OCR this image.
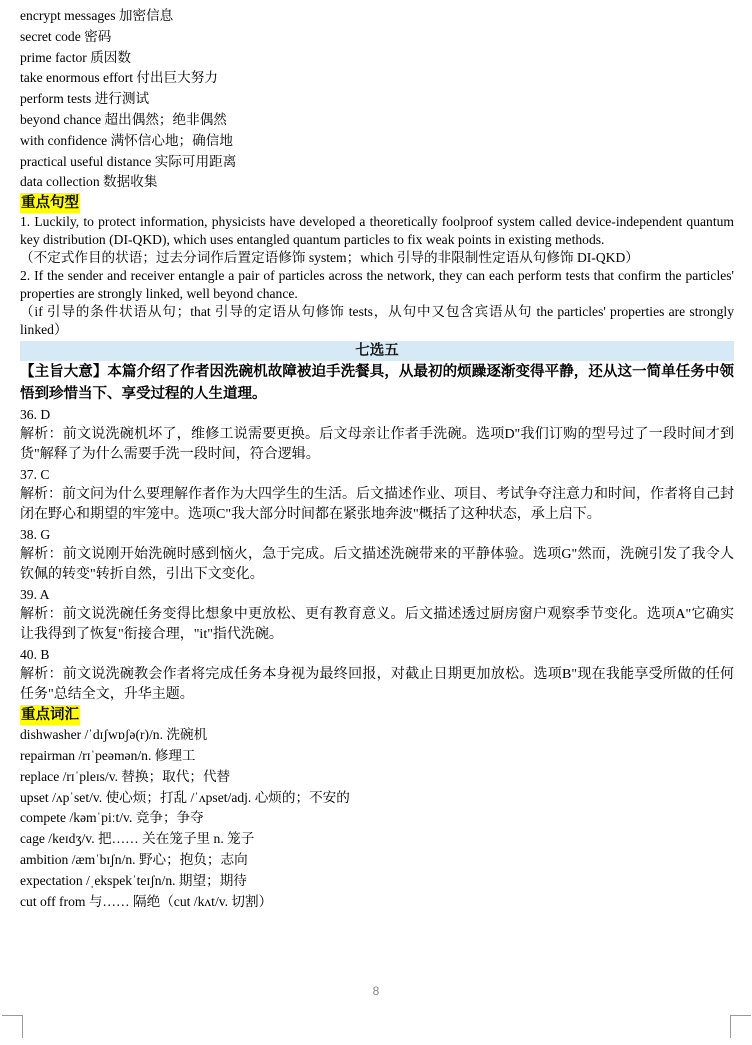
encrypt messages 加密信息
secret code 密码
prime factor 质因数
take enormous effort 付出巨大努力
perform tests 进行测试
beyond chance 超出偶然；绝非偶然
with confidence 满怀信心地；确信地
practical useful distance 实际可用距离
data collection 数据收集
重点句型
1. Luckily, to protect information, physicists have developed a theoretically foolproof system called device-independent quantum key distribution (DI-QKD), which uses entangled quantum particles to fix weak points in existing methods.
（不定式作目的状语；过去分词作后置定语修饰 system；which 引导的非限制性定语从句修饰 DI-QKD）
2. If the sender and receiver entangle a pair of particles across the network, they can each perform tests that confirm the particles' properties are strongly linked, well beyond chance.
（if 引导的条件状语从句；that 引导的定语从句修饰 tests，从句中又包含宾语从句 the particles' properties are strongly linked）
七选五
【主旨大意】本篇介绍了作者因洗碗机故障被迫手洗餐具，从最初的烦躁逐渐变得平静，还从这一简单任务中领悟到珍惜当下、享受过程的人生道理。
36. D
解析：前文说洗碗机坏了，维修工说需要更换。后文母亲让作者手洗碗。选项D"我们订购的型号过了一段时间才到货"解释了为什么需要手洗一段时间，符合逻辑。
37. C
解析：前文问为什么要理解作者作为大四学生的生活。后文描述作业、项目、考试争夺注意力和时间，作者将自己封闭在野心和期望的牢笼中。选项C"我大部分时间都在紧张地奔波"概括了这种状态，承上启下。
38. G
解析：前文说刚开始洗碗时感到恼火，急于完成。后文描述洗碗带来的平静体验。选项G"然而，洗碗引发了我令人钦佩的转变"转折自然，引出下文变化。
39. A
解析：前文说洗碗任务变得比想象中更放松、更有教育意义。后文描述透过厨房窗户观察季节变化。选项A"它确实让我得到了恢复"衔接合理，"it"指代洗碗。
40. B
解析：前文说洗碗教会作者将完成任务本身视为最终回报，对截止日期更加放松。选项B"现在我能享受所做的任何任务"总结全文，升华主题。
重点词汇
dishwasher /ˈdɪʃwɒʃə(r)/n. 洗碗机
repairman /rɪˈpeəmən/n. 修理工
replace /rɪˈpleɪs/v. 替换；取代；代替
upset /ʌpˈset/v. 使心烦；打乱 /ˈʌpset/adj. 心烦的；不安的
compete /kəmˈpiːt/v. 竞争；争夺
cage /keɪdʒ/v. 把…… 关在笼子里 n. 笼子
ambition /æmˈbɪʃn/n. 野心；抱负；志向
expectation /ˌekspekˈteɪʃn/n. 期望；期待
cut off from 与…… 隔绝（cut /kʌt/v. 切割）
8
